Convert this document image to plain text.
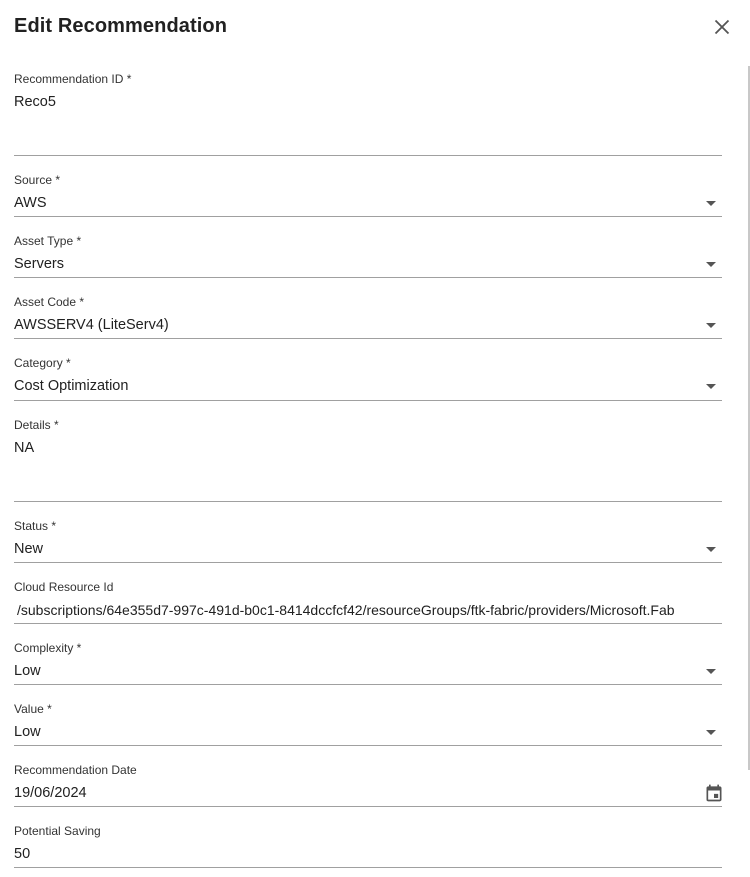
Edit Recommendation
Recommendation ID *
Reco5
Source *
AWS
Asset Type *
Servers
Asset Code *
AWSSERV4 (LiteServ4)
Category *
Cost Optimization
Details *
NA
Status *
New
Cloud Resource Id
/subscriptions/64e355d7-997c-491d-b0c1-8414dccfcf42/resourceGroups/ftk-fabric/providers/Microsoft.Fab
Complexity *
Low
Value *
Low
Recommendation Date
19/06/2024
Potential Saving
50
